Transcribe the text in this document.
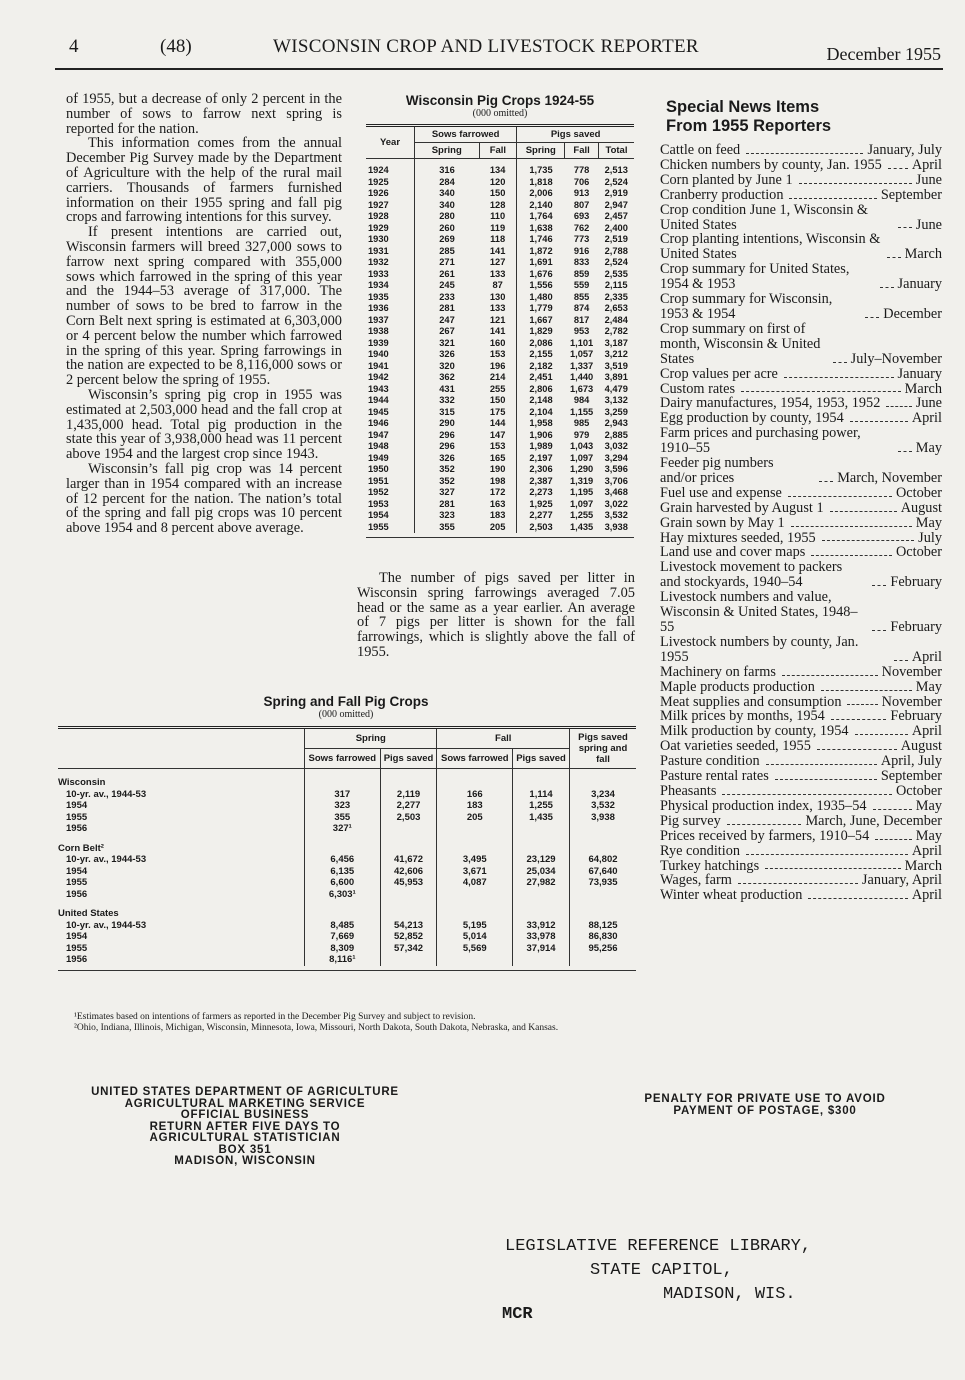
4	(48)	WISCONSIN CROP AND LIVESTOCK REPORTER	December 1955

of 1955, but a decrease of only 2 percent in the number of sows to farrow next spring is reported for the nation.

This information comes from the annual December Pig Survey made by the Department of Agriculture with the help of the rural mail carriers. Thousands of farmers furnished information on their 1955 spring and fall pig crops and farrowing intentions for this survey.

If present intentions are carried out, Wisconsin farmers will breed 327,000 sows to farrow next spring compared with 355,000 sows which farrowed in the spring of this year and the 1944–53 average of 317,000. The number of sows to be bred to farrow in the Corn Belt next spring is estimated at 6,303,000 or 4 percent below the number which farrowed in the spring of this year. Spring farrowings in the nation are expected to be 8,116,000 sows or 2 percent below the spring of 1955.

Wisconsin’s spring pig crop in 1955 was estimated at 2,503,000 head and the fall crop at 1,435,000 head. Total pig production in the state this year of 3,938,000 head was 11 percent above 1954 and the largest crop since 1943.

Wisconsin’s fall pig crop was 14 percent larger than in 1954 compared with an increase of 12 percent for the nation. The nation’s total of the spring and fall pig crops was 10 percent above 1954 and 8 percent above average.

Wisconsin Pig Crops 1924-55
(000 omitted)
Year	Sows farrowed		Pigs saved		
	Spring	Fall	Spring	Fall	Total
1924	316	134	1,735	778	2,513
1925	284	120	1,818	706	2,524
1926	340	150	2,006	913	2,919
1927	340	128	2,140	807	2,947
1928	280	110	1,764	693	2,457
1929	260	119	1,638	762	2,400
1930	269	118	1,746	773	2,519
1931	285	141	1,872	916	2,788
1932	271	127	1,691	833	2,524
1933	261	133	1,676	859	2,535
1934	245	87	1,556	559	2,115
1935	233	130	1,480	855	2,335
1936	281	133	1,779	874	2,653
1937	247	121	1,667	817	2,484
1938	267	141	1,829	953	2,782
1939	321	160	2,086	1,101	3,187
1940	326	153	2,155	1,057	3,212
1941	320	196	2,182	1,337	3,519
1942	362	214	2,451	1,440	3,891
1943	431	255	2,806	1,673	4,479
1944	332	150	2,148	984	3,132
1945	315	175	2,104	1,155	3,259
1946	290	144	1,958	985	2,943
1947	296	147	1,906	979	2,885
1948	296	153	1,989	1,043	3,032
1949	326	165	2,197	1,097	3,294
1950	352	190	2,306	1,290	3,596
1951	352	198	2,387	1,319	3,706
1952	327	172	2,273	1,195	3,468
1953	281	163	1,925	1,097	3,022
1954	323	183	2,277	1,255	3,532
1955	355	205	2,503	1,435	3,938

The number of pigs saved per litter in Wisconsin spring farrowings averaged 7.05 head or the same as a year earlier. An average of 7 pigs per litter is shown for the fall farrowings, which is slightly above the fall of 1955.

Special News Items
From 1955 Reporters
Cattle on feed	January, July
Chicken numbers by county, Jan. 1955 April
Corn planted by June 1	June
Cranberry production	September
Crop condition June 1, Wisconsin & United States	June
Crop planting intentions, Wisconsin & United States	March
Crop summary for United States, 1954 & 1953	January
Crop summary for Wisconsin, 1953 & 1954	December
Crop summary on first of month, Wisconsin & United States	July–November
Crop values per acre	January
Custom rates	March
Dairy manufactures, 1954, 1953, 1952 June
Egg production by county, 1954	April
Farm prices and purchasing power, 1910–55	May
Feeder pig numbers and/or prices	March, November
Fuel use and expense	October
Grain harvested by August 1	August
Grain sown by May 1	May
Hay mixtures seeded, 1955	July
Land use and cover maps	October
Livestock movement to packers and stockyards, 1940–54	February
Livestock numbers and value, Wisconsin & United States, 1948–55	February
Livestock numbers by county, Jan. 1955	April
Machinery on farms	November
Maple products production	May
Meat supplies and consumption	November
Milk prices by months, 1954	February
Milk production by county, 1954	April
Oat varieties seeded, 1955	August
Pasture condition	April, July
Pasture rental rates	September
Pheasants	October
Physical production index, 1935–54	May
Pig survey	March, June, December
Prices received by farmers, 1910–54	May
Rye condition	April
Turkey hatchings	March
Wages, farm	January, April
Winter wheat production	April
Spring and Fall Pig Crops
(000 omitted)
	Spring		Fall		Pigs saved spring and fall
	Sows farrowed	Pigs saved	Sows farrowed	Pigs saved	
Wisconsin					
10-yr. av., 1944-53	317	2,119	166	1,114	3,234
1954	323	2,277	183	1,255	3,532
1955	355	2,503	205	1,435	3,938
1956	327¹				
Corn Belt²					
10-yr. av., 1944-53	6,456	41,672	3,495	23,129	64,802
1954	6,135	42,606	3,671	25,034	67,640
1955	6,600	45,953	4,087	27,982	73,935
1956	6,303¹				
United States					
10-yr. av., 1944-53	8,485	54,213	5,195	33,912	88,125
1954	7,669	52,852	5,014	33,978	86,830
1955	8,309	57,342	5,569	37,914	95,256
1956	8,116¹				

¹Estimates based on intentions of farmers as reported in the December Pig Survey and subject to revision.
²Ohio, Indiana, Illinois, Michigan, Wisconsin, Minnesota, Iowa, Missouri, North Dakota, South Dakota, Nebraska, and Kansas.
UNITED STATES DEPARTMENT OF AGRICULTURE
AGRICULTURAL MARKETING SERVICE
OFFICIAL BUSINESS
RETURN AFTER FIVE DAYS TO
AGRICULTURAL STATISTICIAN
BOX 351
MADISON, WISCONSIN
PENALTY FOR PRIVATE USE TO AVOID
PAYMENT OF POSTAGE, $300
LEGISLATIVE REFERENCE LIBRARY,
STATE CAPITOL,
MADISON, WIS.
MCR
